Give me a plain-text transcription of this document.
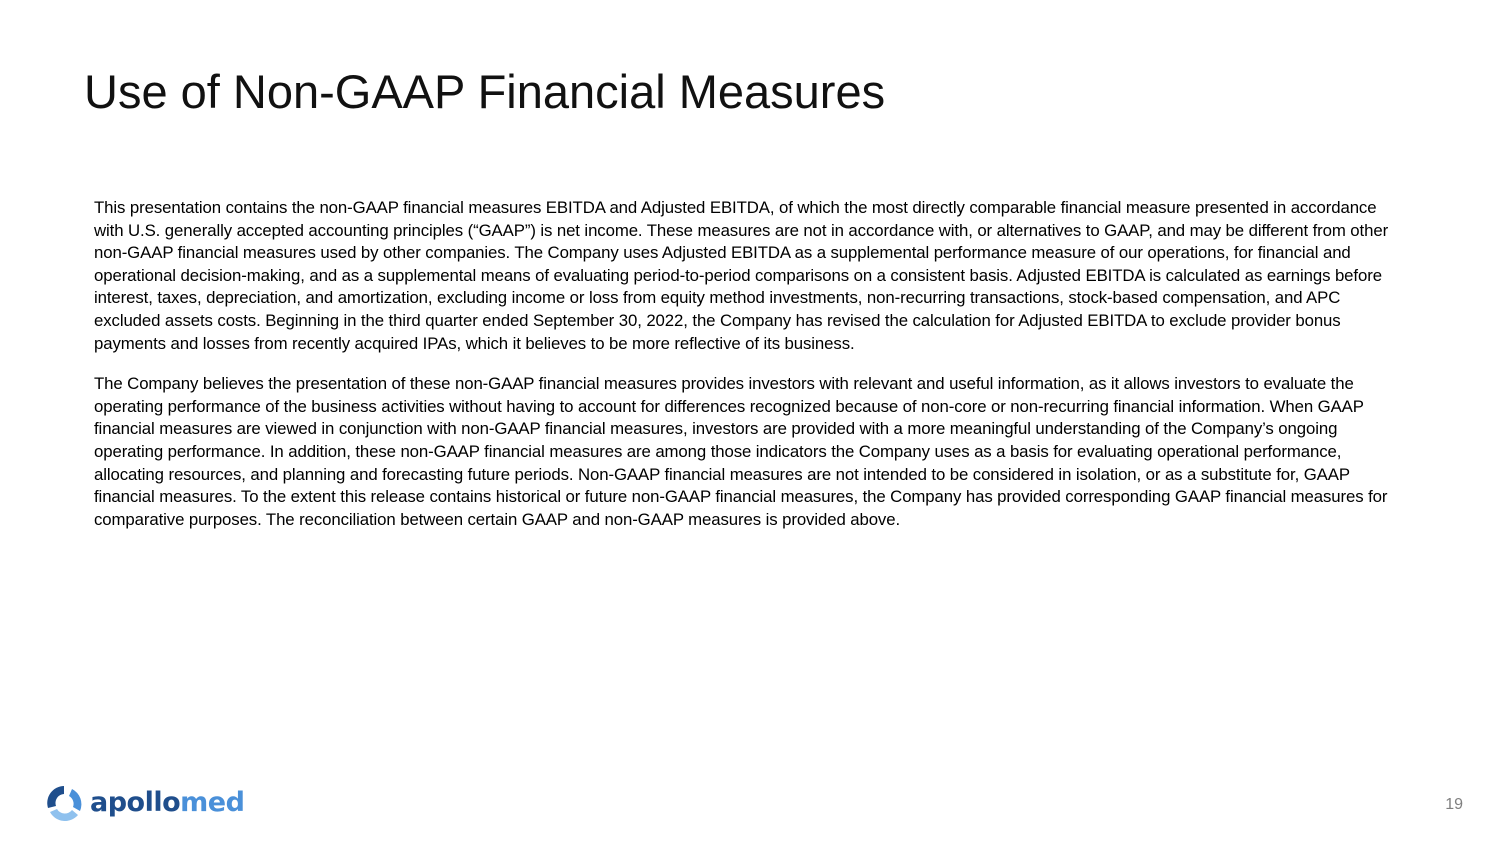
Use of Non-GAAP Financial Measures

This presentation contains the non-GAAP financial measures EBITDA and Adjusted EBITDA, of which the most directly comparable financial measure presented in accordance with U.S. generally accepted accounting principles (“GAAP”) is net income. These measures are not in accordance with, or alternatives to GAAP, and may be different from other non-GAAP financial measures used by other companies. The Company uses Adjusted EBITDA as a supplemental performance measure of our operations, for financial and operational decision-making, and as a supplemental means of evaluating period-to-period comparisons on a consistent basis. Adjusted EBITDA is calculated as earnings before interest, taxes, depreciation, and amortization, excluding income or loss from equity method investments, non-recurring transactions, stock-based compensation, and APC excluded assets costs. Beginning in the third quarter ended September 30, 2022, the Company has revised the calculation for Adjusted EBITDA to exclude provider bonus payments and losses from recently acquired IPAs, which it believes to be more reflective of its business.

The Company believes the presentation of these non-GAAP financial measures provides investors with relevant and useful information, as it allows investors to evaluate the operating performance of the business activities without having to account for differences recognized because of non-core or non-recurring financial information. When GAAP financial measures are viewed in conjunction with non-GAAP financial measures, investors are provided with a more meaningful understanding of the Company’s ongoing operating performance. In addition, these non-GAAP financial measures are among those indicators the Company uses as a basis for evaluating operational performance, allocating resources, and planning and forecasting future periods. Non-GAAP financial measures are not intended to be considered in isolation, or as a substitute for, GAAP financial measures. To the extent this release contains historical or future non-GAAP financial measures, the Company has provided corresponding GAAP financial measures for comparative purposes. The reconciliation between certain GAAP and non-GAAP measures is provided above.

apollomed	19
